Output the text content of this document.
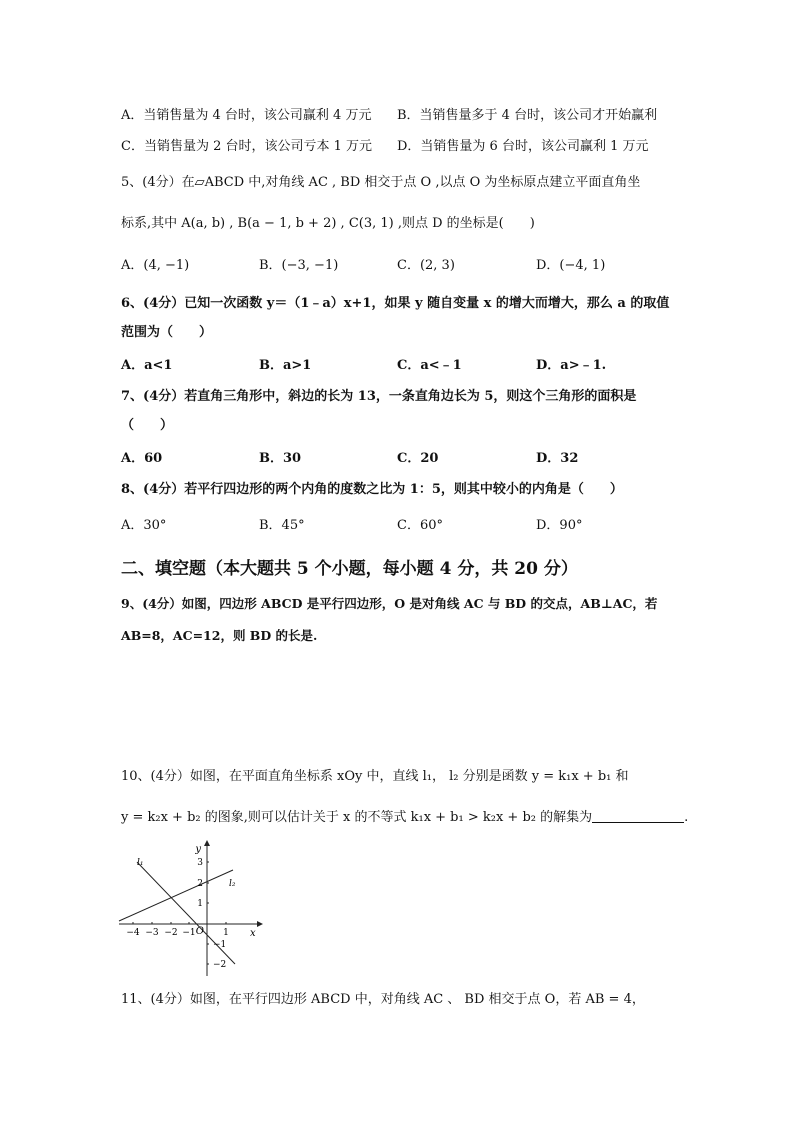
A．当销售量为 4 台时，该公司赢利 4 万元 B．当销售量多于 4 台时，该公司才开始赢利
C．当销售量为 2 台时，该公司亏本 1 万元 D．当销售量为 6 台时，该公司赢利 1 万元
5、(4分）在▱ABCD 中,对角线 AC , BD 相交于点 O ,以点 O 为坐标原点建立平面直角坐
标系,其中 A(a, b) , B(a − 1, b + 2) , C(3, 1) ,则点 D 的坐标是(　　)
A．(4, −1)	B．(−3, −1)	C．(2, 3)	D．(−4, 1)
6、(4分）已知一次函数 y＝（1﹣a）x+1，如果 y 随自变量 x 的增大而增大，那么 a 的取值
范围为（　　）
A．a<1	B．a>1	C．a<﹣1	D．a>﹣1.
7、(4分）若直角三角形中，斜边的长为 13，一条直角边长为 5，则这个三角形的面积是
（　　）
A．60	B．30	C．20	D．32
8、(4分）若平行四边形的两个内角的度数之比为 1：5，则其中较小的内角是（　　）
A．30°	B．45°	C．60°	D．90°
二、填空题（本大题共 5 个小题，每小题 4 分，共 20 分）
9、(4分）如图，四边形 ABCD 是平行四边形，O 是对角线 AC 与 BD 的交点，AB⊥AC，若
AB=8，AC=12，则 BD 的长是.
10、(4分）如图，在平面直角坐标系 xOy 中，直线 l₁， l₂ 分别是函数 y = k₁x + b₁ 和
y = k₂x + b₂ 的图象,则可以估计关于 x 的不等式 k₁x + b₁ > k₂x + b₂ 的解集为	.
y
x
O
−4 −3 −2 −1	1
3
2
1
−1
−2
l₁
l₂
11、(4分）如图，在平行四边形 ABCD 中，对角线 AC 、 BD 相交于点 O，若 AB = 4，
